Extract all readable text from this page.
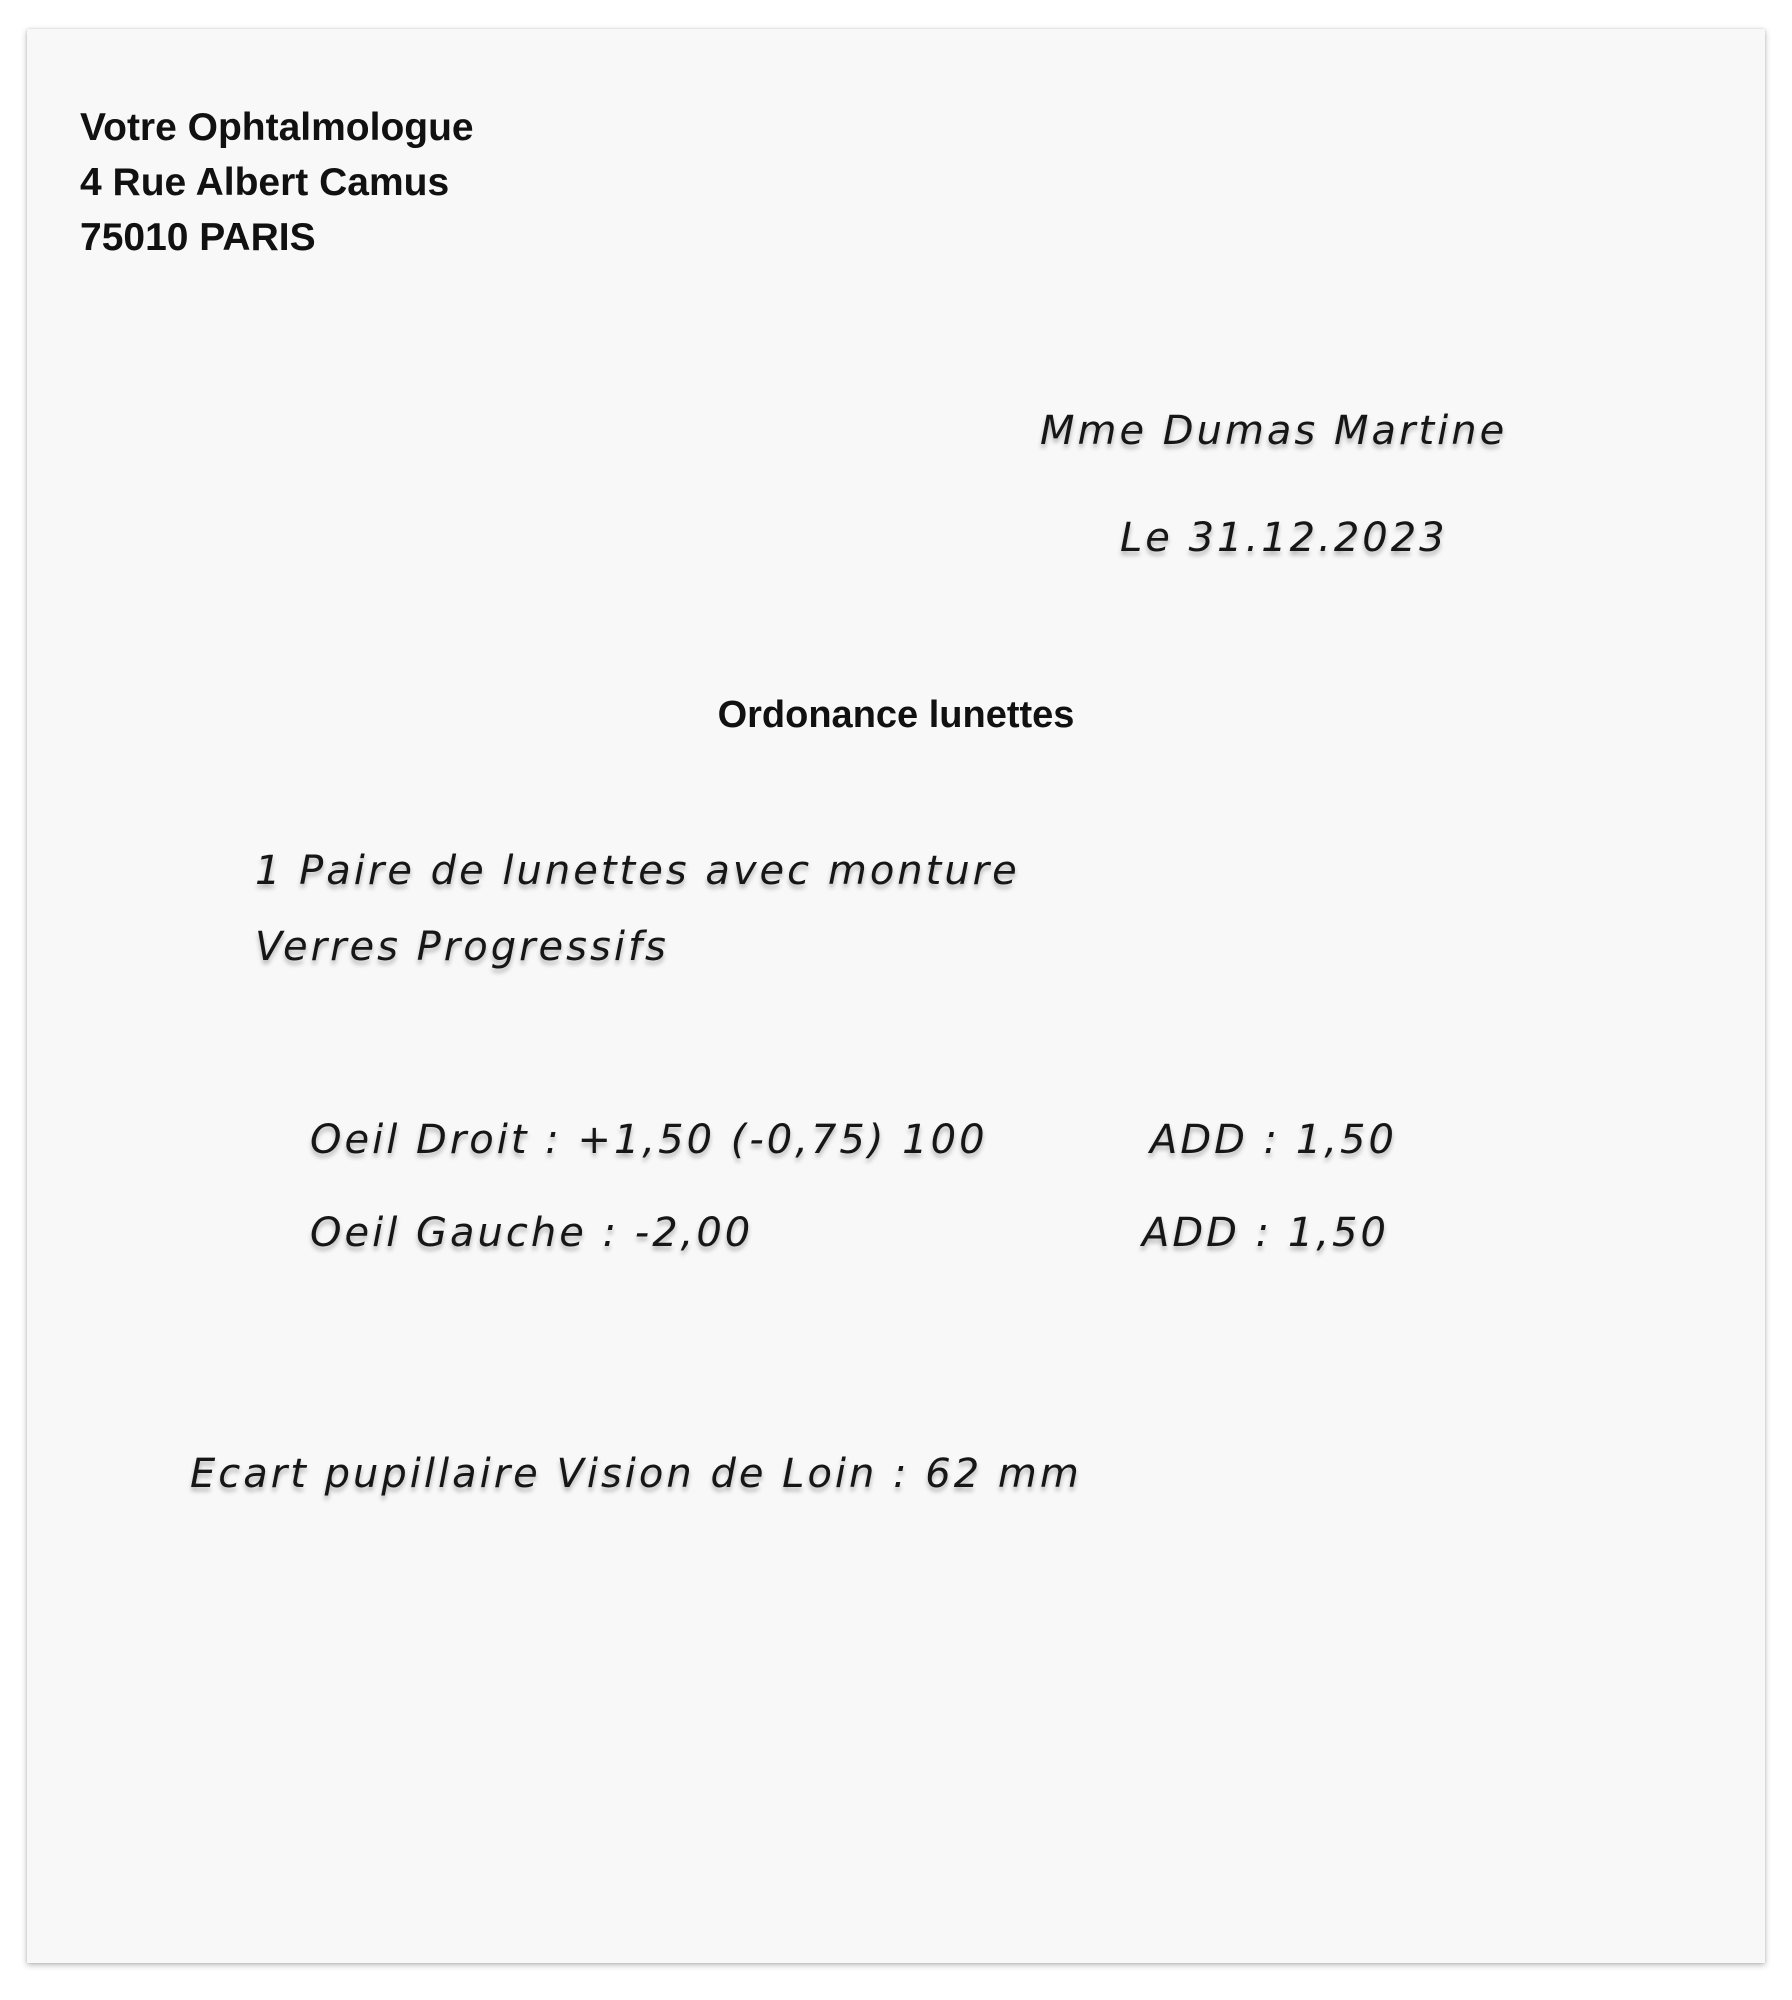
Votre Ophtalmologue
4 Rue Albert Camus
75010 PARIS
Mme Dumas Martine
Le 31.12.2023
Ordonance lunettes
1 Paire de lunettes avec monture
Verres Progressifs
Oeil Droit : +1,50 (-0,75) 100	ADD : 1,50
Oeil Gauche : -2,00	ADD : 1,50
Ecart pupillaire Vision de Loin : 62 mm
